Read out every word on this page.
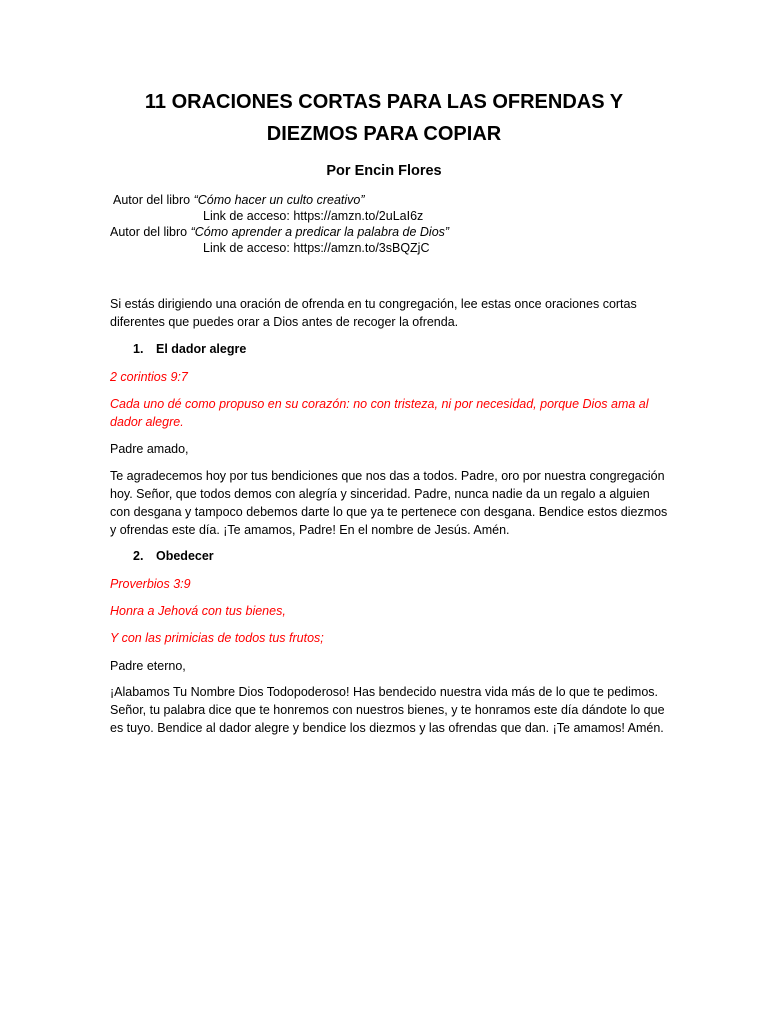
11 ORACIONES CORTAS PARA LAS OFRENDAS Y
DIEZMOS PARA COPIAR

Por Encin Flores

Autor del libro “Cómo hacer un culto creativo”
Link de acceso: https://amzn.to/2uLaI6z
Autor del libro “Cómo aprender a predicar la palabra de Dios”
Link de acceso: https://amzn.to/3sBQZjC

Si estás dirigiendo una oración de ofrenda en tu congregación, lee estas once oraciones cortas diferentes que puedes orar a Dios antes de recoger la ofrenda.

1. El dador alegre

2 corintios 9:7

Cada uno dé como propuso en su corazón: no con tristeza, ni por necesidad, porque Dios ama al dador alegre.

Padre amado,

Te agradecemos hoy por tus bendiciones que nos das a todos. Padre, oro por nuestra congregación hoy. Señor, que todos demos con alegría y sinceridad. Padre, nunca nadie da un regalo a alguien con desgana y tampoco debemos darte lo que ya te pertenece con desgana. Bendice estos diezmos y ofrendas este día. ¡Te amamos, Padre! En el nombre de Jesús. Amén.

2. Obedecer

Proverbios 3:9

Honra a Jehová con tus bienes,

Y con las primicias de todos tus frutos;

Padre eterno,

¡Alabamos Tu Nombre Dios Todopoderoso! Has bendecido nuestra vida más de lo que te pedimos. Señor, tu palabra dice que te honremos con nuestros bienes, y te honramos este día dándote lo que es tuyo. Bendice al dador alegre y bendice los diezmos y las ofrendas que dan. ¡Te amamos! Amén.
